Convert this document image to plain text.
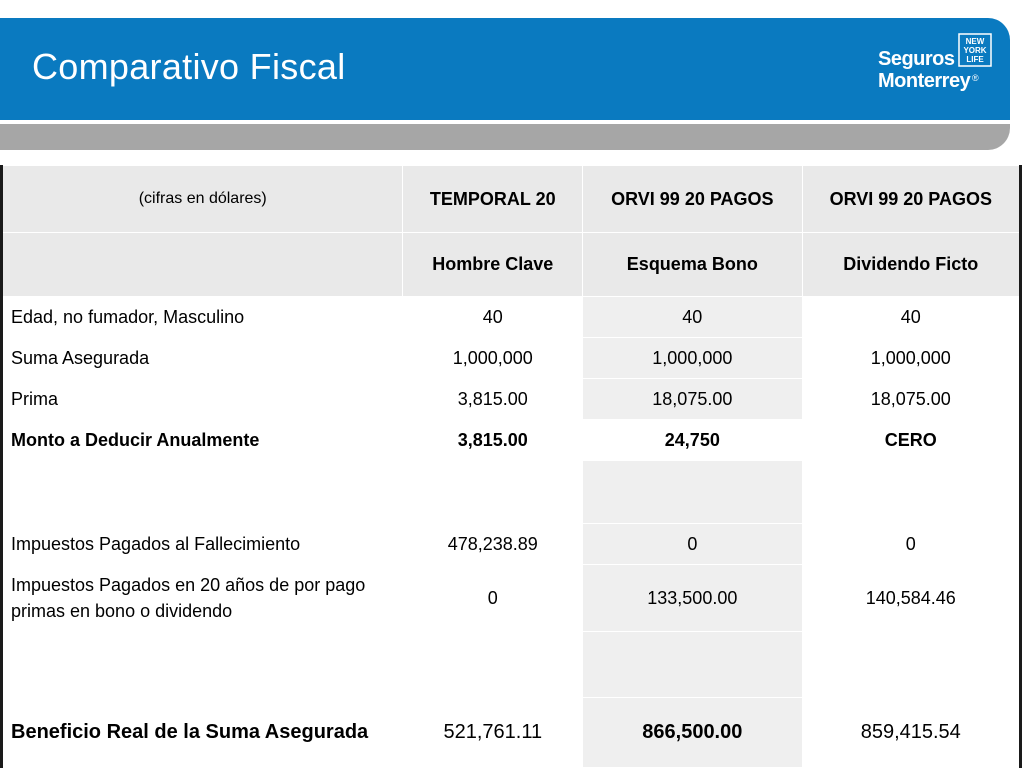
Comparativo Fiscal	Seguros
Monterrey ®
NEW
YORK
LIFE
(cifras en dólares)	TEMPORAL 20	ORVI 99 20 PAGOS	ORVI 99 20 PAGOS
	Hombre Clave	Esquema Bono	Dividendo Ficto
Edad, no fumador, Masculino	40	40	40
Suma Asegurada	1,000,000	1,000,000	1,000,000
Prima	3,815.00	18,075.00	18,075.00
Monto a Deducir Anualmente	3,815.00	24,750	CERO

Impuestos Pagados al Fallecimiento	478,238.89	0	0
Impuestos Pagados en 20 años de por pago primas en bono o dividendo	0	133,500.00	140,584.46

Beneficio Real de la Suma Asegurada	521,761.11	866,500.00	859,415.54
